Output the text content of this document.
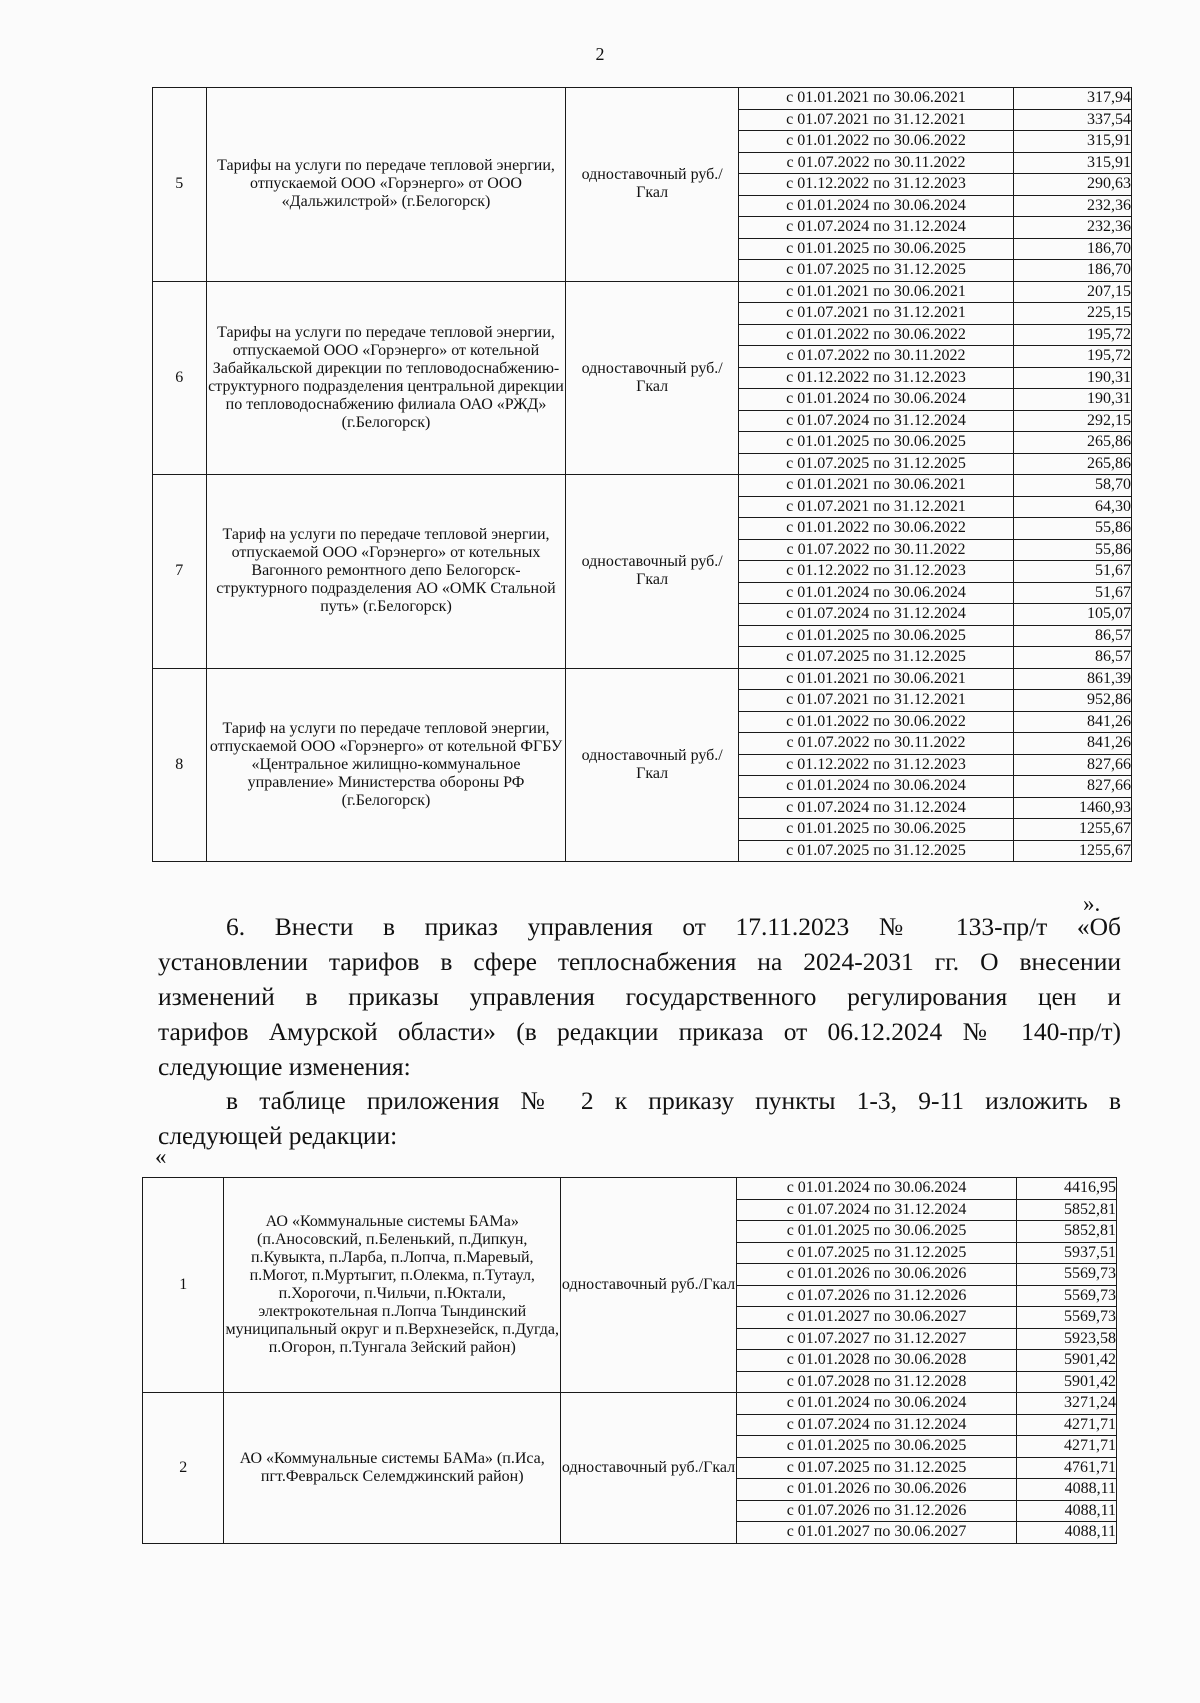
2
5	Тарифы на услуги по передаче тепловой энергии, отпускаемой ООО «Горэнерго» от ООО «Дальжилстрой» (г.Белогорск)	одноставочный руб./Гкал	с 01.01.2021 по 30.06.2021	317,94
			с 01.07.2021 по 31.12.2021	337,54
			с 01.01.2022 по 30.06.2022	315,91
			с 01.07.2022 по 30.11.2022	315,91
			с 01.12.2022 по 31.12.2023	290,63
			с 01.01.2024 по 30.06.2024	232,36
			с 01.07.2024 по 31.12.2024	232,36
			с 01.01.2025 по 30.06.2025	186,70
			с 01.07.2025 по 31.12.2025	186,70
6	Тарифы на услуги по передаче тепловой энергии, отпускаемой ООО «Горэнерго» от котельной Забайкальской дирекции по тепловодоснабжению- структурного подразделения центральной дирекции по тепловодоснабжению филиала ОАО «РЖД» (г.Белогорск)	одноставочный руб./Гкал	с 01.01.2021 по 30.06.2021	207,15
			с 01.07.2021 по 31.12.2021	225,15
			с 01.01.2022 по 30.06.2022	195,72
			с 01.07.2022 по 30.11.2022	195,72
			с 01.12.2022 по 31.12.2023	190,31
			с 01.01.2024 по 30.06.2024	190,31
			с 01.07.2024 по 31.12.2024	292,15
			с 01.01.2025 по 30.06.2025	265,86
			с 01.07.2025 по 31.12.2025	265,86
7	Тариф на услуги по передаче тепловой энергии, отпускаемой ООО «Горэнерго» от котельных Вагонного ремонтного депо Белогорск-структурного подразделения АО «ОМК Стальной путь» (г.Белогорск)	одноставочный руб./Гкал	с 01.01.2021 по 30.06.2021	58,70
			с 01.07.2021 по 31.12.2021	64,30
			с 01.01.2022 по 30.06.2022	55,86
			с 01.07.2022 по 30.11.2022	55,86
			с 01.12.2022 по 31.12.2023	51,67
			с 01.01.2024 по 30.06.2024	51,67
			с 01.07.2024 по 31.12.2024	105,07
			с 01.01.2025 по 30.06.2025	86,57
			с 01.07.2025 по 31.12.2025	86,57
8	Тариф на услуги по передаче тепловой энергии, отпускаемой ООО «Горэнерго» от котельной ФГБУ «Центральное жилищно-коммунальное управление» Министерства обороны РФ (г.Белогорск)	одноставочный руб./Гкал	с 01.01.2021 по 30.06.2021	861,39
			с 01.07.2021 по 31.12.2021	952,86
			с 01.01.2022 по 30.06.2022	841,26
			с 01.07.2022 по 30.11.2022	841,26
			с 01.12.2022 по 31.12.2023	827,66
			с 01.01.2024 по 30.06.2024	827,66
			с 01.07.2024 по 31.12.2024	1460,93
			с 01.01.2025 по 30.06.2025	1255,67
			с 01.07.2025 по 31.12.2025	1255,67
».
6. Внести в приказ управления от 17.11.2023 № 133-пр/т «Об
установлении тарифов в сфере теплоснабжения на 2024-2031 гг. О внесении
изменений в приказы управления государственного регулирования цен и
тарифов Амурской области» (в редакции приказа от 06.12.2024 № 140-пр/т)
следующие изменения:
в таблице приложения № 2 к приказу пункты 1-3, 9-11 изложить в
следующей редакции:
«
1	АО «Коммунальные системы БАМа» (п.Аносовский, п.Беленький, п.Дипкун, п.Кувыкта, п.Ларба, п.Лопча, п.Маревый, п.Могот, п.Муртыгит, п.Олекма, п.Тутаул, п.Хорогочи, п.Чильчи, п.Юктали, электрокотельная п.Лопча Тындинский муниципальный округ и п.Верхнезейск, п.Дугда, п.Огорон, п.Тунгала Зейский район)	одноставочный руб./Гкал	с 01.01.2024 по 30.06.2024	4416,95
			с 01.07.2024 по 31.12.2024	5852,81
			с 01.01.2025 по 30.06.2025	5852,81
			с 01.07.2025 по 31.12.2025	5937,51
			с 01.01.2026 по 30.06.2026	5569,73
			с 01.07.2026 по 31.12.2026	5569,73
			с 01.01.2027 по 30.06.2027	5569,73
			с 01.07.2027 по 31.12.2027	5923,58
			с 01.01.2028 по 30.06.2028	5901,42
			с 01.07.2028 по 31.12.2028	5901,42
2	АО «Коммунальные системы БАМа» (п.Иса, пгт.Февральск Селемджинский район)	одноставочный руб./Гкал	с 01.01.2024 по 30.06.2024	3271,24
			с 01.07.2024 по 31.12.2024	4271,71
			с 01.01.2025 по 30.06.2025	4271,71
			с 01.07.2025 по 31.12.2025	4761,71
			с 01.01.2026 по 30.06.2026	4088,11
			с 01.07.2026 по 31.12.2026	4088,11
			с 01.01.2027 по 30.06.2027	4088,11
